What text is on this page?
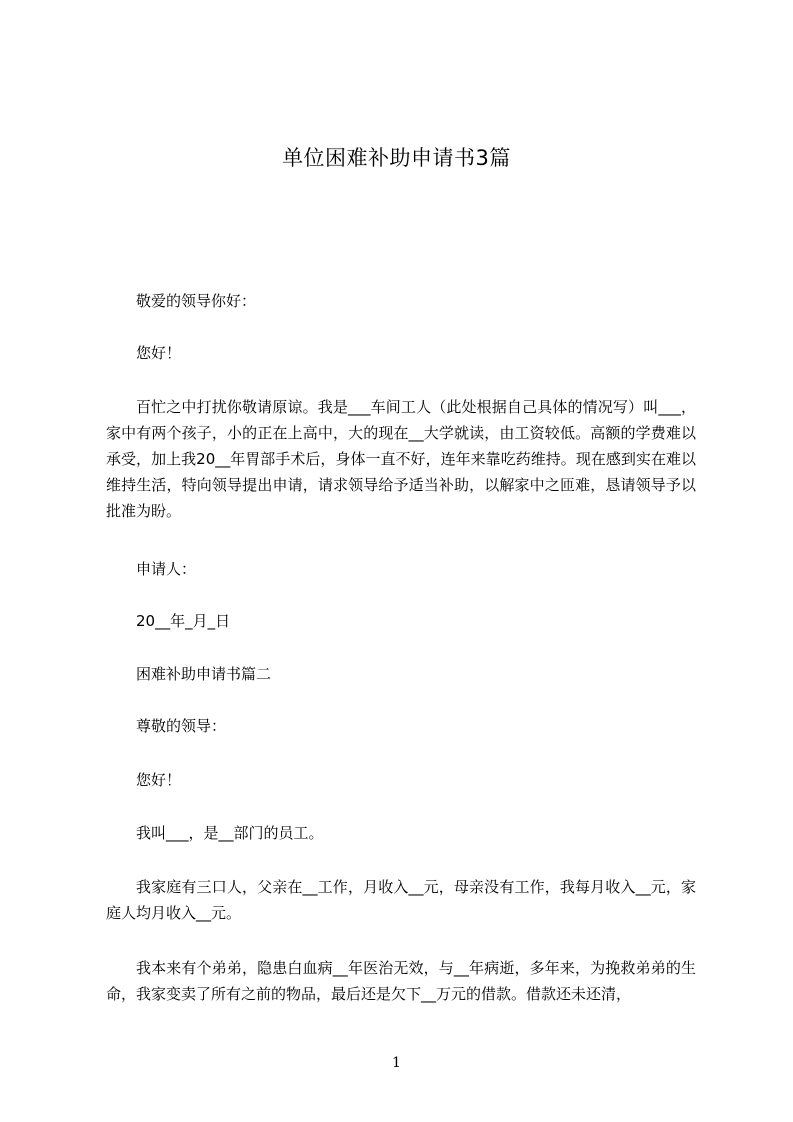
单位困难补助申请书3篇

敬爱的领导你好：

您好！

百忙之中打扰你敬请原谅。我是___车间工人（此处根据自己具体的情况写）叫___，家中有两个孩子，小的正在上高中，大的现在__大学就读，由工资较低。高额的学费难以承受，加上我20__年胃部手术后，身体一直不好，连年来靠吃药维持。现在感到实在难以维持生活，特向领导提出申请，请求领导给予适当补助，以解家中之匝难，恳请领导予以批准为盼。

申请人：

20__年_月_日

困难补助申请书篇二

尊敬的领导：

您好！

我叫___，是__部门的员工。

我家庭有三口人，父亲在__工作，月收入__元，母亲没有工作，我每月收入__元，家庭人均月收入__元。

我本来有个弟弟，隐患白血病__年医治无效，与__年病逝，多年来，为挽救弟弟的生命，我家变卖了所有之前的物品，最后还是欠下__万元的借款。借款还未还清，

1
